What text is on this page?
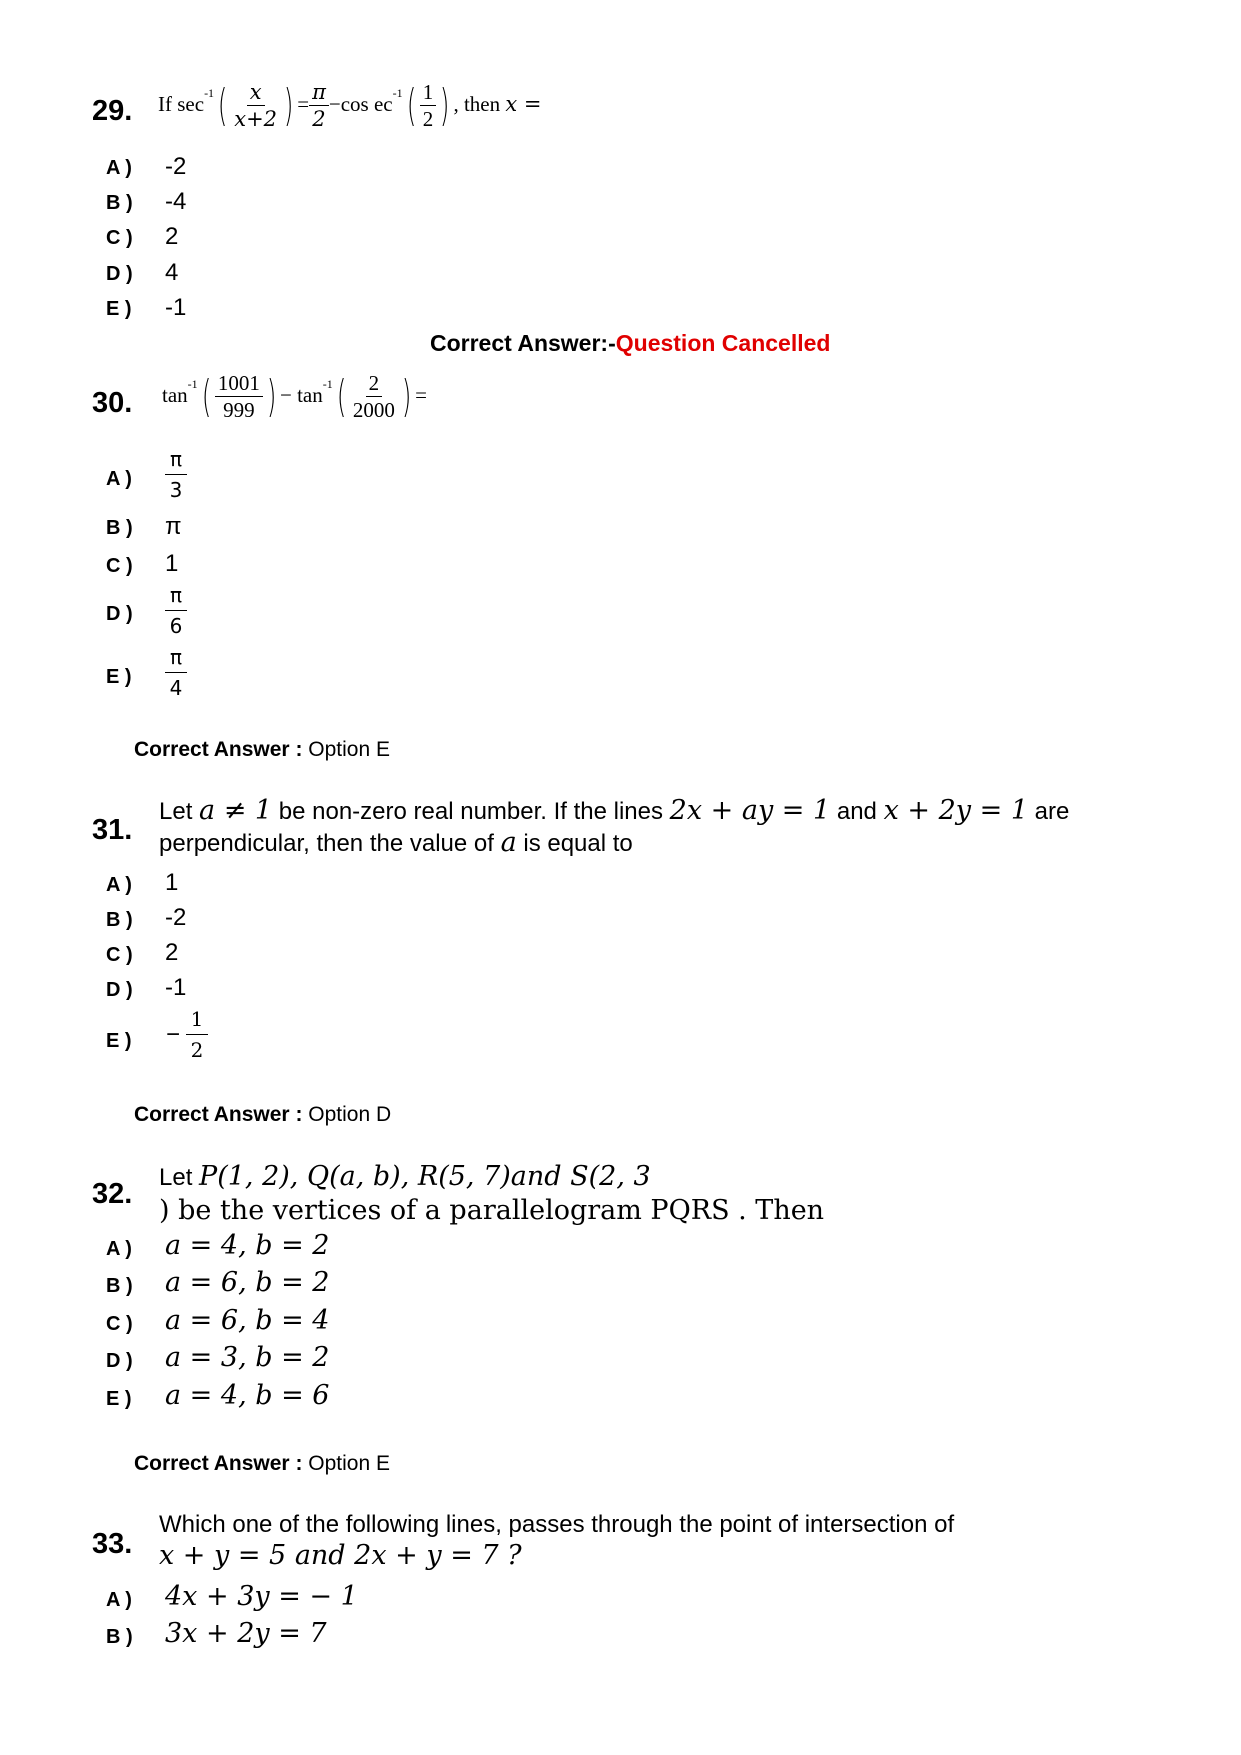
29. If $\sec^{-1}( \frac{x}{x+2}$ ) = $\frac{\pi}{2} -\cos$ $ec^{-1}( \frac{1}{2}$ ) , then x =
A ) -2
B ) -4
C ) 2
D ) 4
E ) -1
Correct Answer:-Question Cancelled
30. $\tan^{-1}( \frac{1001}{999}$ ) − $\tan^{-1}( \frac{2}{2000}$ ) =
A )
π
3
B ) π
C ) 1
D )
π
6
E )
π
4
Correct Answer : Option E
31.
Let a ≠ 1 be non-zero real number. If the lines 2x + ay = 1 and x + 2y = 1 are
perpendicular, then the value of a is equal to
A ) 1
B ) -2
C ) 2
D ) -1
E ) −
1
2
Correct Answer : Option D
32.
Let P(1, 2), Q(a, b), R(5, 7)and S(2, 3
) be the vertices of a parallelogram PQRS . Then
A ) a = 4, b = 2
B ) a = 6, b = 2
C ) a = 6, b = 4
D ) a = 3, b = 2
E ) a = 4, b = 6
Correct Answer : Option E
33.
Which one of the following lines, passes through the point of intersection of
x + y = 5 and 2x + y = 7 ?
A ) 4x + 3y = − 1
B ) 3x + 2y = 7
